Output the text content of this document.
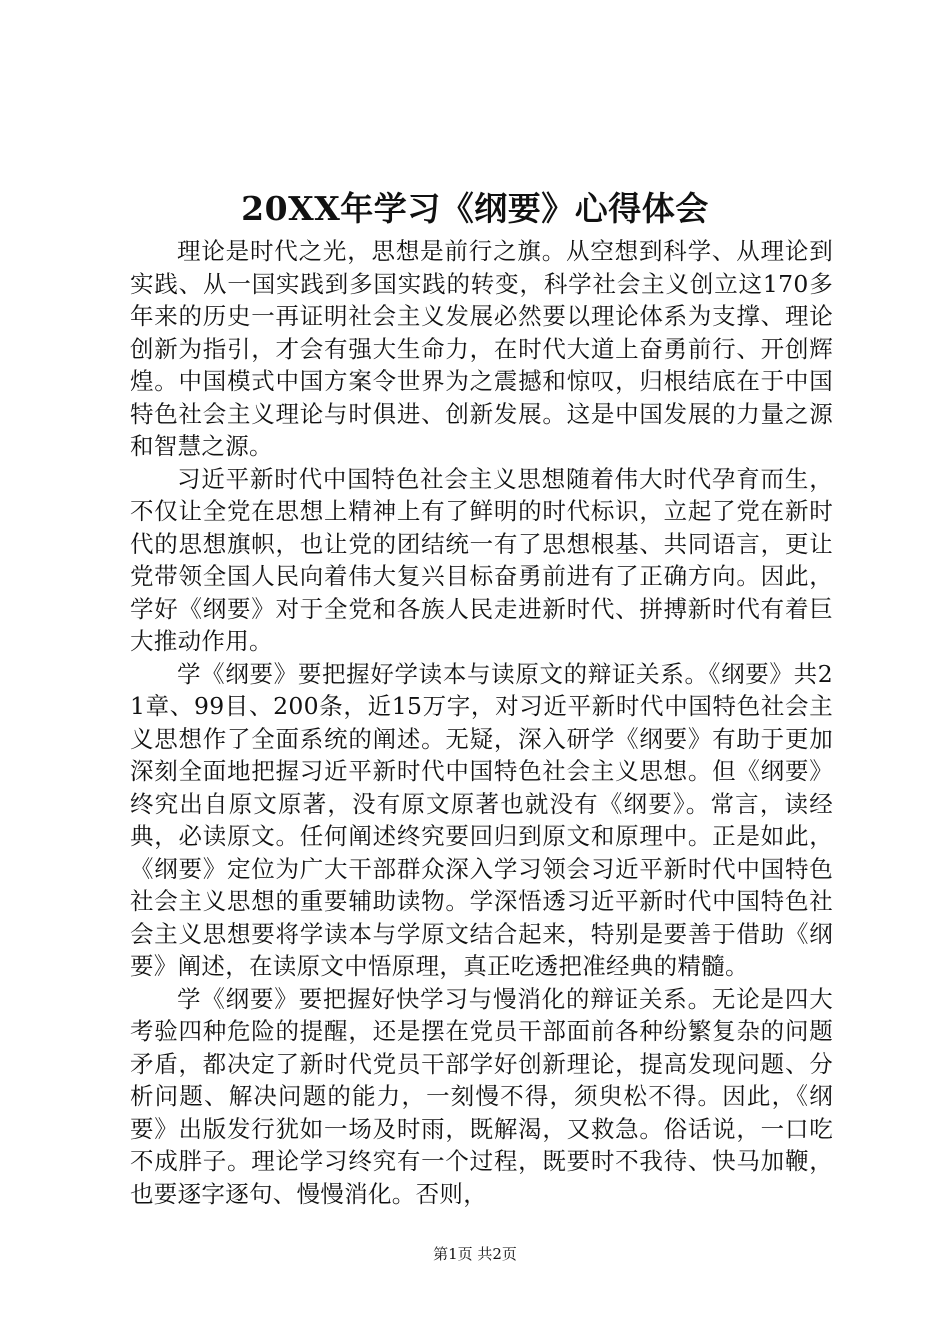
20XX年学习《纲要》心得体会

理论是时代之光，思想是前行之旗。从空想到科学、从理论到实践、从一国实践到多国实践的转变，科学社会主义创立这170多年来的历史一再证明社会主义发展必然要以理论体系为支撑、理论创新为指引，才会有强大生命力，在时代大道上奋勇前行、开创辉煌。中国模式中国方案令世界为之震撼和惊叹，归根结底在于中国特色社会主义理论与时俱进、创新发展。这是中国发展的力量之源和智慧之源。

习近平新时代中国特色社会主义思想随着伟大时代孕育而生，不仅让全党在思想上精神上有了鲜明的时代标识，立起了党在新时代的思想旗帜，也让党的团结统一有了思想根基、共同语言，更让党带领全国人民向着伟大复兴目标奋勇前进有了正确方向。因此，学好《纲要》对于全党和各族人民走进新时代、拼搏新时代有着巨大推动作用。

学《纲要》要把握好学读本与读原文的辩证关系。《纲要》共21章、99目、200条，近15万字，对习近平新时代中国特色社会主义思想作了全面系统的阐述。无疑，深入研学《纲要》有助于更加深刻全面地把握习近平新时代中国特色社会主义思想。但《纲要》终究出自原文原著，没有原文原著也就没有《纲要》。常言，读经典，必读原文。任何阐述终究要回归到原文和原理中。正是如此，《纲要》定位为广大干部群众深入学习领会习近平新时代中国特色社会主义思想的重要辅助读物。学深悟透习近平新时代中国特色社会主义思想要将学读本与学原文结合起来，特别是要善于借助《纲要》阐述，在读原文中悟原理，真正吃透把准经典的精髓。

学《纲要》要把握好快学习与慢消化的辩证关系。无论是四大考验四种危险的提醒，还是摆在党员干部面前各种纷繁复杂的问题矛盾，都决定了新时代党员干部学好创新理论，提高发现问题、分析问题、解决问题的能力，一刻慢不得，须臾松不得。因此，《纲要》出版发行犹如一场及时雨，既解渴，又救急。俗话说，一口吃不成胖子。理论学习终究有一个过程，既要时不我待、快马加鞭，也要逐字逐句、慢慢消化。否则，

第1页 共2页
